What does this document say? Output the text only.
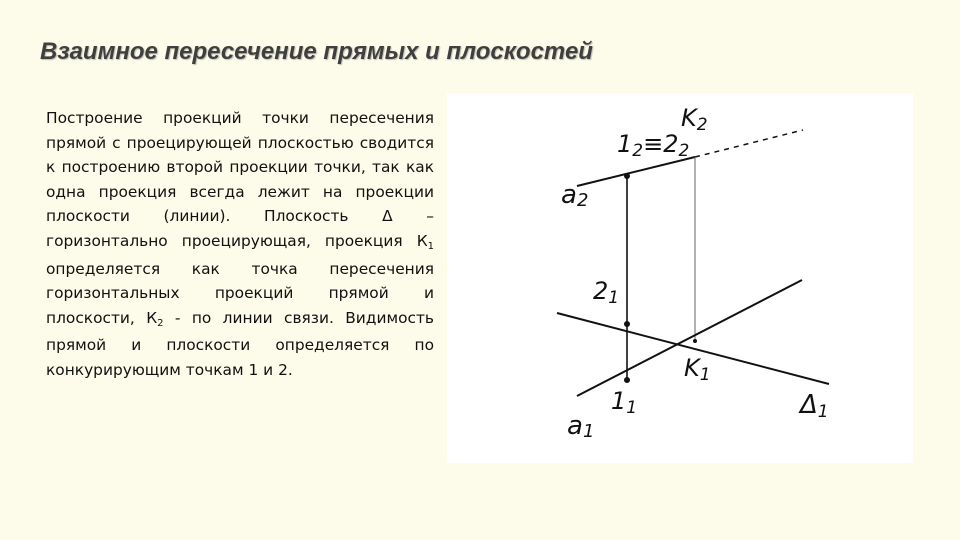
Взаимное пересечение прямых и плоскостей
Построение проекций точки пересечения прямой с проецирующей плоскостью сводится к построению второй проекции точки, так как одна проекция всегда лежит на проекции плоскости (линии). Плоскость Δ – горизонтально проецирующая, проекция $К_1$ определяется как точка пересечения горизонтальных проекций прямой и плоскости, $К_2$ - по линии связи. Видимость прямой и плоскости определяется по конкурирующим точкам 1 и 2.
K2
12≡22
a2
21
K1
11
a1
Δ1
